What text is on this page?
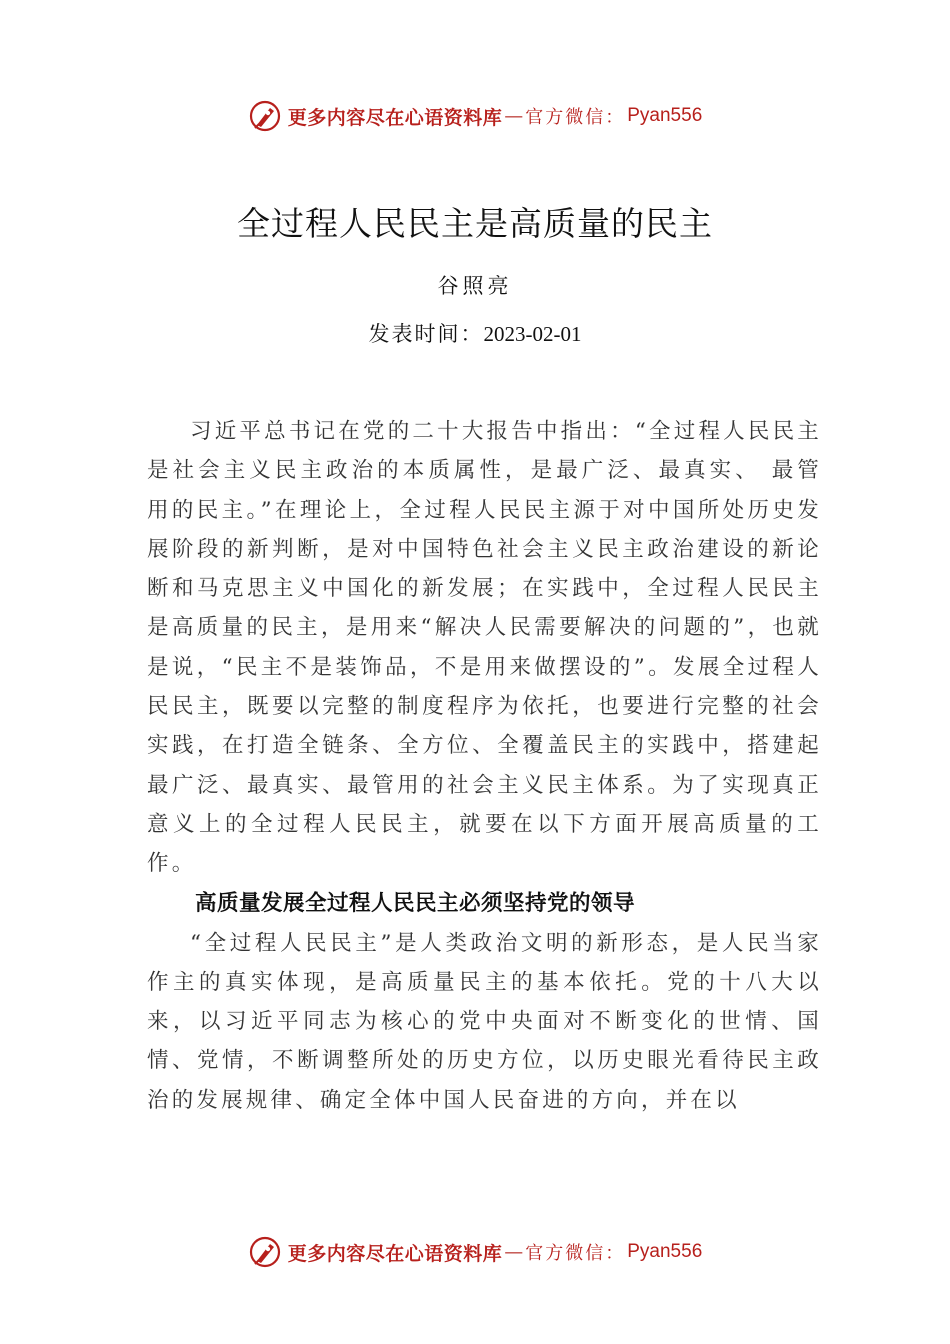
更多内容尽在心语资料库 — 官方微信： Pyan556
全过程人民民主是高质量的民主
谷照亮
发表时间：2023-02-01

习近平总书记在党的二十大报告中指出：“全过程人民民主是社会主义民主政治的本质属性，是最广泛、最真实、 最管用的民主。”在理论上，全过程人民民主源于对中国所处历史发展阶段的新判断，是对中国特色社会主义民主政治建设的新论断和马克思主义中国化的新发展；在实践中，全过程人民民主是高质量的民主，是用来“解决人民需要解决的问题的”，也就是说，“民主不是装饰品，不是用来做摆设的”。发展全过程人民民主，既要以完整的制度程序为依托，也要进行完整的社会实践，在打造全链条、全方位、全覆盖民主的实践中，搭建起最广泛、最真实、最管用的社会主义民主体系。为了实现真正意义上的全过程人民民主，就要在以下方面开展高质量的工作。

高质量发展全过程人民民主必须坚持党的领导

“全过程人民民主”是人类政治文明的新形态，是人民当家作主的真实体现，是高质量民主的基本依托。党的十八大以来，以习近平同志为核心的党中央面对不断变化的世情、国情、党情，不断调整所处的历史方位，以历史眼光看待民主政治的发展规律、确定全体中国人民奋进的方向，并在以

更多内容尽在心语资料库 — 官方微信： Pyan556
